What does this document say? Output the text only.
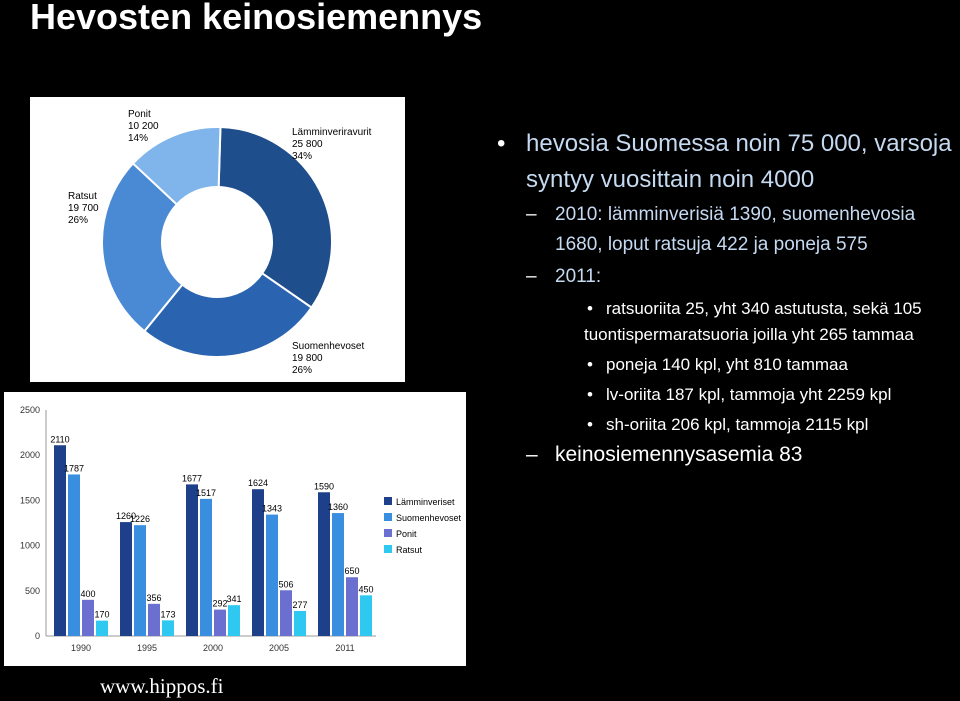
Hevosten keinosiemennys
Lämminveriravurit
25 800
34%
Suomenhevoset
19 800
26%
Ratsut
19 700
26%
Ponit
10 200
14%
0
500
1000
1500
2000
2500
2110
1787
400
170
1990
1260
1226
356
173
1995
1677
1517
292
341
2000
1624
1343
506
277
2005
1590
1360
650
450
2011
Lämminveriset
Suomenhevoset
Ponit
Ratsut
• hevosia Suomessa noin 75 000, varsoja syntyy vuosittain noin 4000
– 2010: lämminverisiä 1390, suomenhevosia 1680, loput ratsuja 422 ja poneja 575
– 2011:
• ratsuoriita 25, yht 340 astutusta, sekä 105 tuontispermaratsuoria joilla yht 265 tammaa
• poneja 140 kpl, yht 810 tammaa
• lv-oriita 187 kpl, tammoja yht 2259 kpl
• sh-oriita 206 kpl, tammoja 2115 kpl
– keinosiemennysasemia 83
www.hippos.fi
